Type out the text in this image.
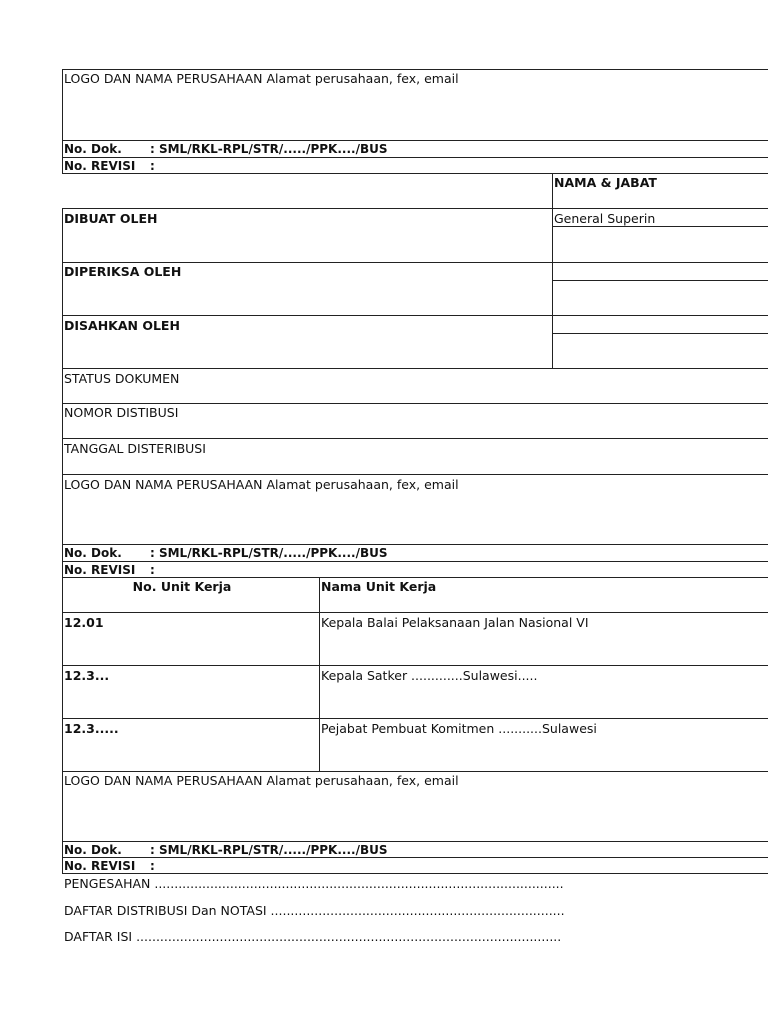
LOGO DAN NAMA PERUSAHAAN Alamat perusahaan, fex, email
No. Dok. : SML/RKL-RPL/STR/...../PPK..../BUS
No. REVISI :
NAMA & JABAT
DIBUAT OLEH	General Superin
DIPERIKSA OLEH
DISAHKAN OLEH
STATUS DOKUMEN
NOMOR DISTIBUSI
TANGGAL DISTERIBUSI
LOGO DAN NAMA PERUSAHAAN Alamat perusahaan, fex, email
No. Dok. : SML/RKL-RPL/STR/...../PPK..../BUS
No. REVISI :
No. Unit Kerja	Nama Unit Kerja
12.01	Kepala Balai Pelaksanaan Jalan Nasional VI
12.3...	Kepala Satker .............Sulawesi.....
12.3.....	Pejabat Pembuat Komitmen ...........Sulawesi
LOGO DAN NAMA PERUSAHAAN Alamat perusahaan, fex, email
No. Dok. : SML/RKL-RPL/STR/...../PPK..../BUS
No. REVISI :
PENGESAHAN .......................................................................................................
DAFTAR DISTRIBUSI Dan NOTASI ..........................................................................
DAFTAR ISI ...........................................................................................................
